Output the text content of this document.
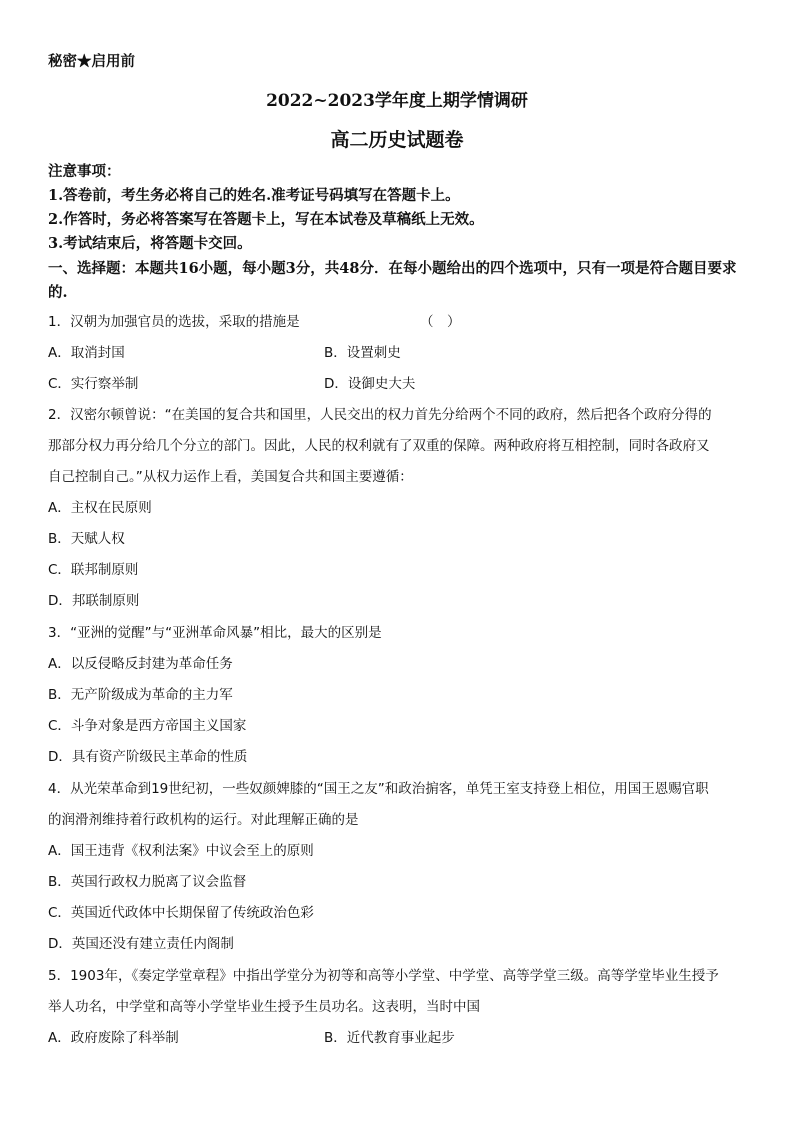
秘密★启用前
2022~2023学年度上期学情调研
高二历史试题卷
注意事项：
1.答卷前，考生务必将自己的姓名.准考证号码填写在答题卡上。
2.作答时，务必将答案写在答题卡上，写在本试卷及草稿纸上无效。
3.考试结束后，将答题卡交回。
一、选择题：本题共16小题，每小题3分，共48分．在每小题给出的四个选项中，只有一项是符合题目要求
的.
1．汉朝为加强官员的选拔，采取的措施是	（　）
A．取消封国	B．设置刺史
C．实行察举制	D．设御史大夫
2．汉密尔顿曾说：“在美国的复合共和国里，人民交出的权力首先分给两个不同的政府，然后把各个政府分得的
那部分权力再分给几个分立的部门。因此，人民的权利就有了双重的保障。两种政府将互相控制，同时各政府又
自己控制自己。”从权力运作上看，美国复合共和国主要遵循：
A．主权在民原则
B．天赋人权
C．联邦制原则
D．邦联制原则
3．“亚洲的觉醒”与“亚洲革命风暴”相比，最大的区别是
A．以反侵略反封建为革命任务
B．无产阶级成为革命的主力军
C．斗争对象是西方帝国主义国家
D．具有资产阶级民主革命的性质
4．从光荣革命到19世纪初，一些奴颜婢膝的“国王之友”和政治掮客，单凭王室支持登上相位，用国王恩赐官职
的润滑剂维持着行政机构的运行。对此理解正确的是
A．国王违背《权利法案》中议会至上的原则
B．英国行政权力脱离了议会监督
C．英国近代政体中长期保留了传统政治色彩
D．英国还没有建立责任内阁制
5．1903年，《奏定学堂章程》中指出学堂分为初等和高等小学堂、中学堂、高等学堂三级。高等学堂毕业生授予
举人功名，中学堂和高等小学堂毕业生授予生员功名。这表明，当时中国
A．政府废除了科举制	B．近代教育事业起步
